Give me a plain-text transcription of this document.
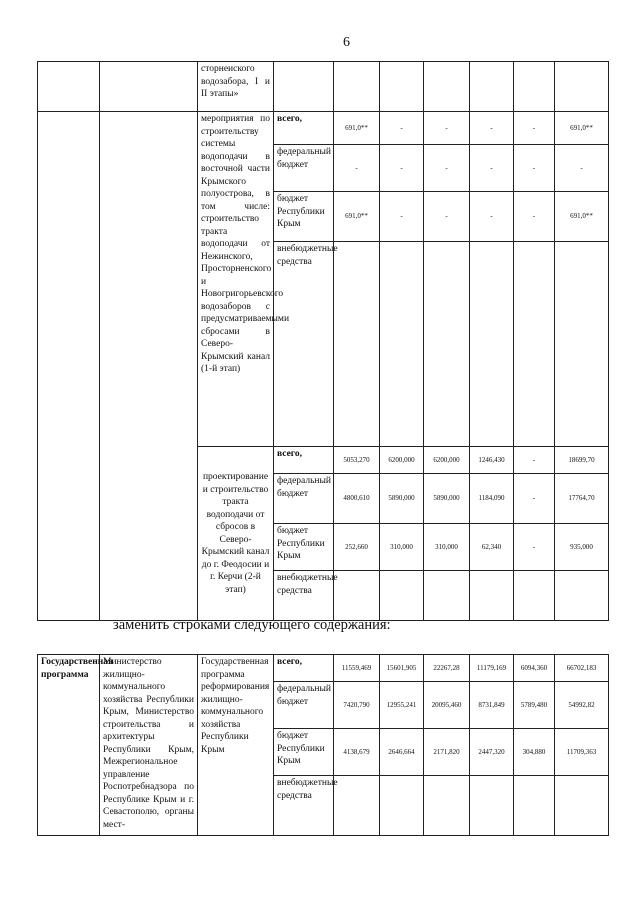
6
		сторнеиского водозабора, I и II этапы»							
		мероприятия по строительству системы водоподачи в восточной части Крымского полуострова, в том числе: строительство тракта водоподачи от Нежинского, Просторненского и Новогригорьевского водозаборов с предусматриваемыми сбросами в Северо-Крымский канал (1-й этап)	всего,	691,0**	-	-	-	-	691,0**
			федеральный бюджет	-	-	-	-	-	-
			бюджет Республики Крым	691,0**	-	-	-	-	691,0**
			внебюджетные средства						
		проектирование и строительство тракта водоподачи от сбросов в Северо-Крымский канал до г. Феодосии и г. Керчи (2-й этап)	всего,	5053,270	6200,000	6200,000	1246,430	-	18699,70
			федеральный бюджет	4800,610	5890,000	5890,000	1184,090	-	17764,70
			бюджет Республики Крым	252,660	310,000	310,000	62,340	-	935,000
			внебюджетные средства						
заменить строками следующего содержания:
Государственная программа	Министерство жилищно-коммунального хозяйства Республики Крым, Министерство строительства и архитектуры Республики Крым, Межрегиональное управление Роспотребнадзора по Республике Крым и г. Севастополю, органы мест-	Государственная программа реформирования жилищно-коммунального хозяйства Республики Крым	всего,	11559,469	15601,905	22267,28	11179,169	6094,360	66702,183
			федеральный бюджет	7420,790	12955,241	20095,460	8731,849	5789,480	54992,82
			бюджет Республики Крым	4138,679	2646,664	2171,820	2447,320	304,880	11709,363
			внебюджетные средства						
